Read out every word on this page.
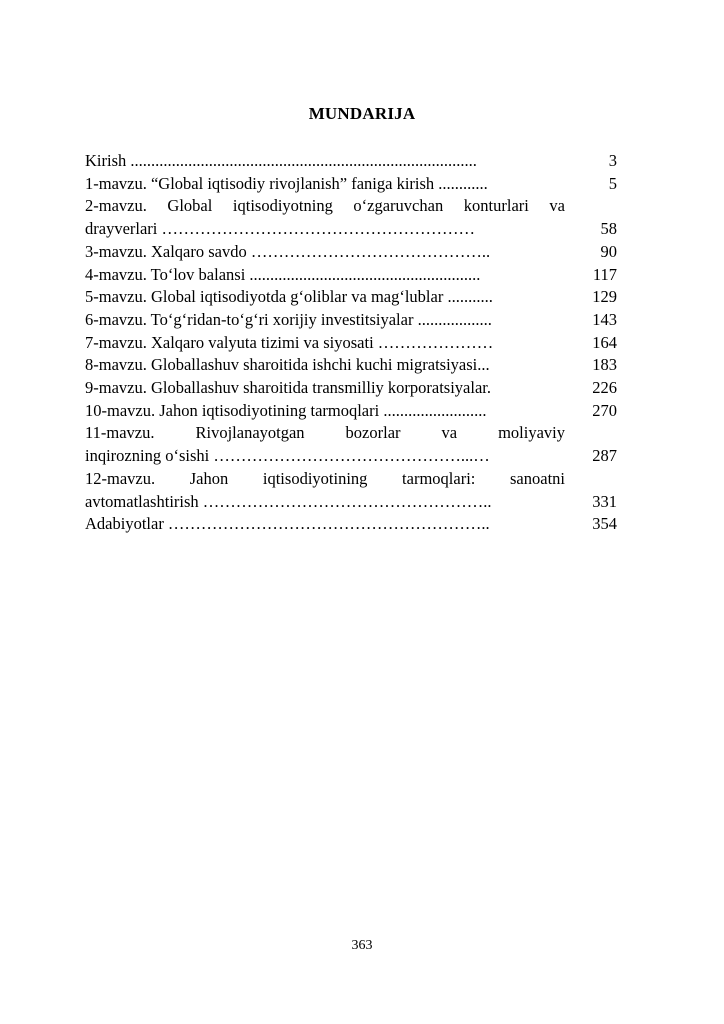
MUNDARIJA
Kirish ....................................................................................	3
1-mavzu. “Global iqtisodiy rivojlanish” faniga kirish ............	5
2-mavzu. Global iqtisodiyotning o‘zgaruvchan konturlari va
drayverlari …………………………………………………	58
3-mavzu. Xalqaro savdo ……………………………………..	90
4-mavzu. To‘lov balansi ........................................................	117
5-mavzu. Global iqtisodiyotda g‘oliblar va mag‘lublar ...........	129
6-mavzu. To‘g‘ridan-to‘g‘ri xorijiy investitsiyalar ..................	143
7-mavzu. Xalqaro valyuta tizimi va siyosati …………………	164
8-mavzu. Globallashuv sharoitida ishchi kuchi migratsiyasi...	183
9-mavzu. Globallashuv sharoitida transmilliy korporatsiyalar.	226
10-mavzu. Jahon iqtisodiyotining tarmoqlari .........................	270
11-mavzu. Rivojlanayotgan bozorlar va moliyaviy
inqirozning o‘sishi ………………………………………...…	287
12-mavzu. Jahon iqtisodiyotining tarmoqlari: sanoatni
avtomatlashtirish ……………………………………………..	331
Adabiyotlar …………………………………………………..	354
363
